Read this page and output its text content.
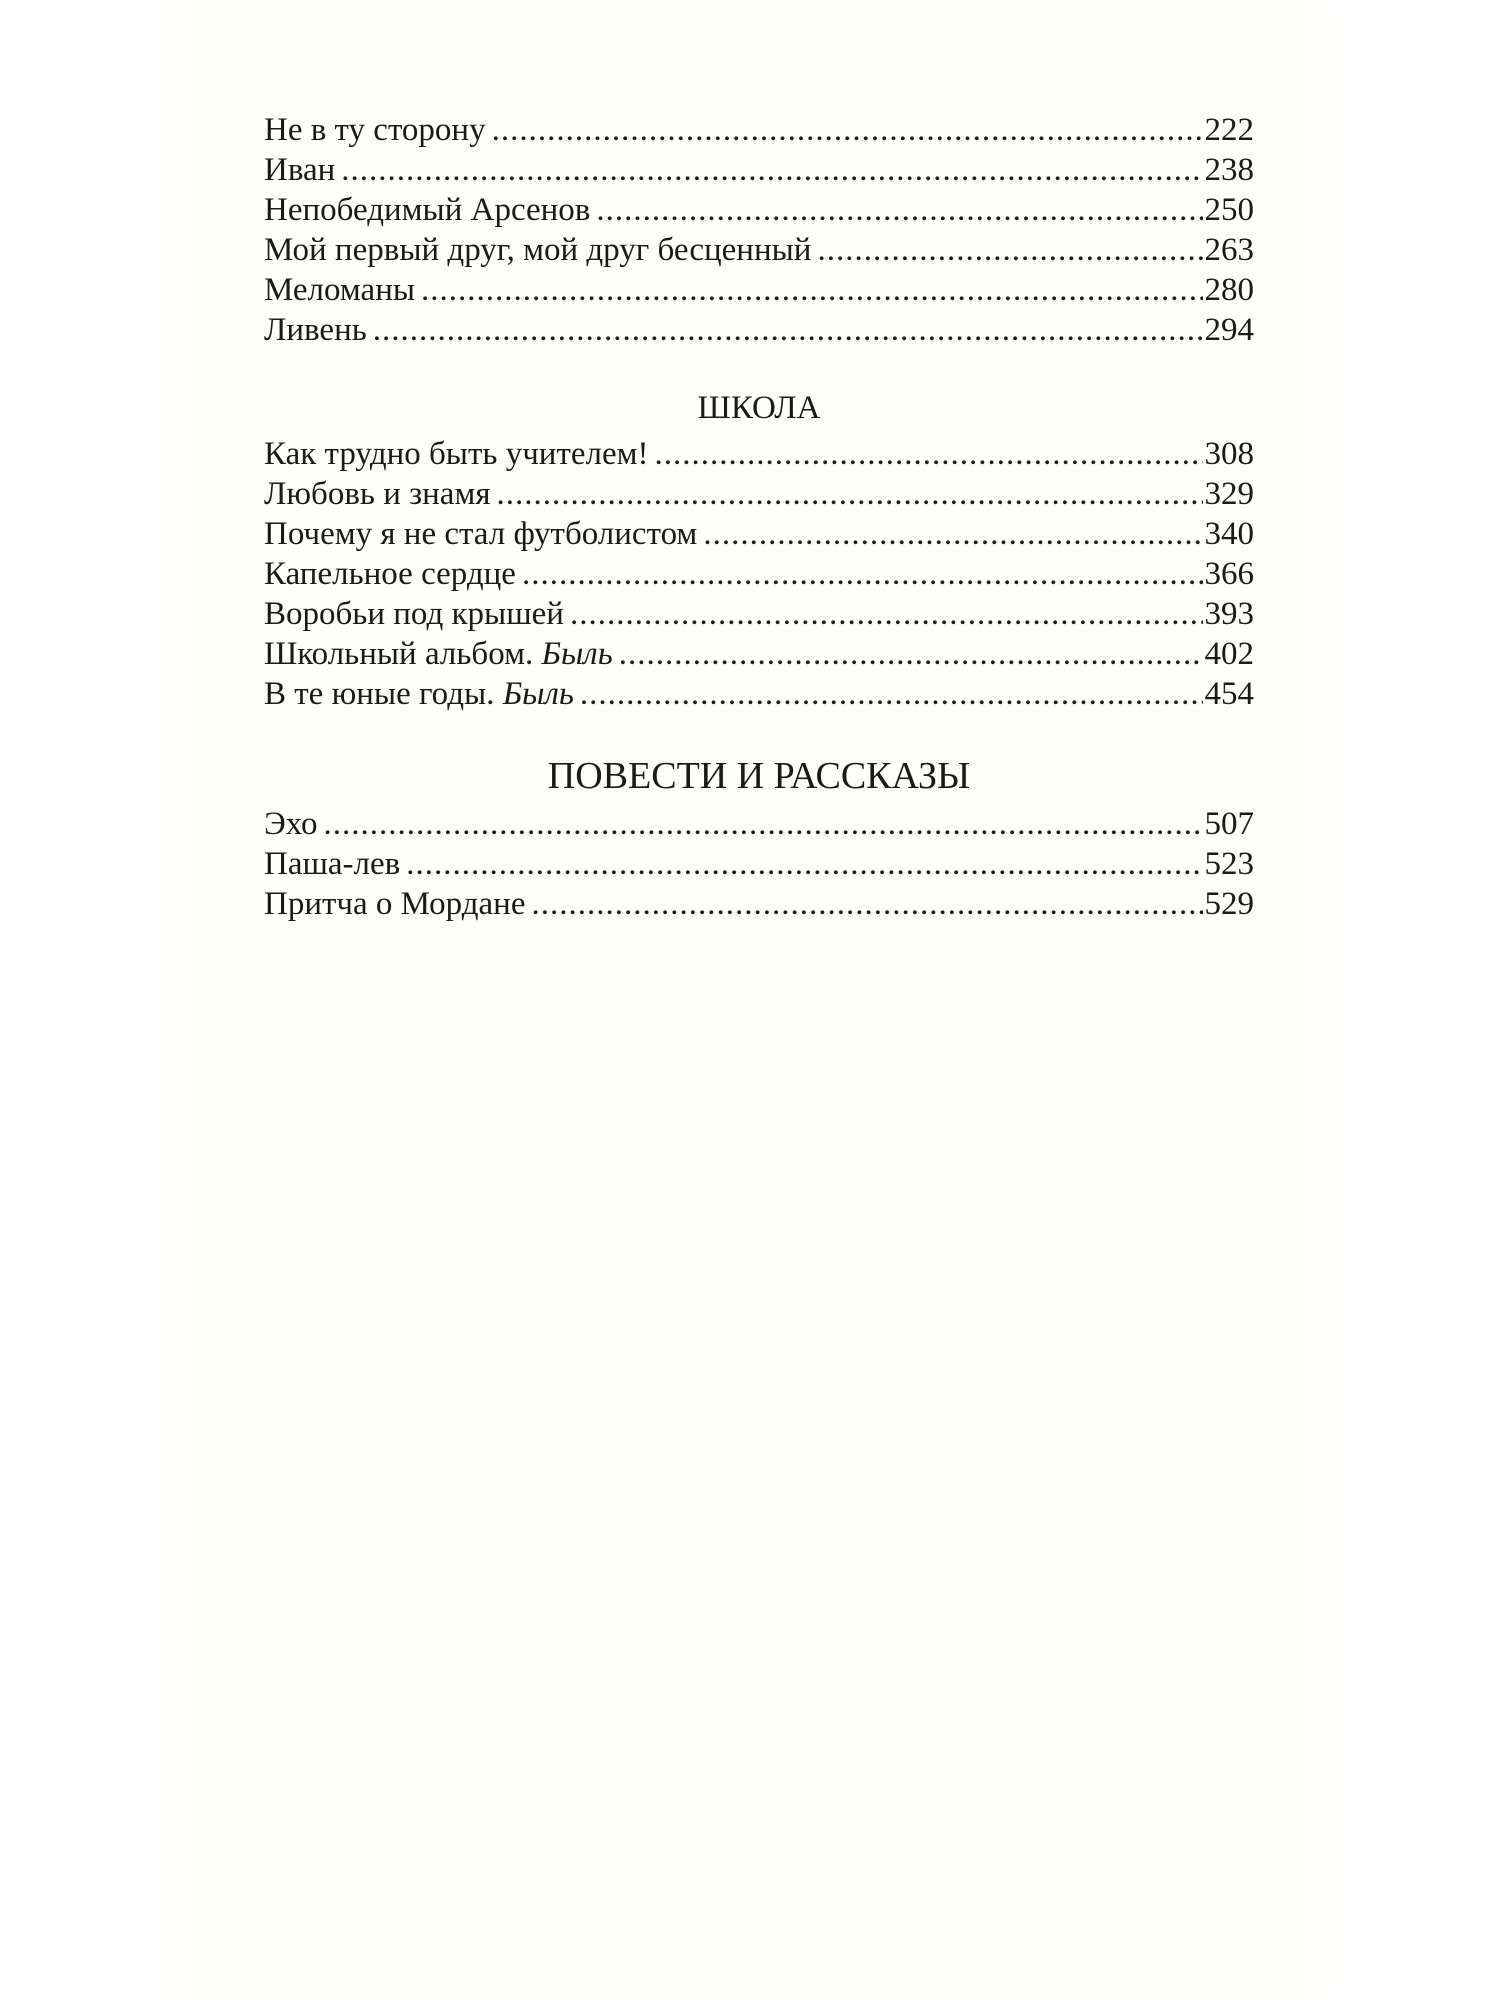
Не в ту сторону .....	222
Иван .....	238
Непобедимый Арсенов .....	250
Мой первый друг, мой друг бесценный .....	263
Меломаны .....	280
Ливень .....	294
ШКОЛА
Как трудно быть учителем! .....	308
Любовь и знамя .....	329
Почему я не стал футболистом .....	340
Капельное сердце .....	366
Воробьи под крышей .....	393
Школьный альбом. Быль .....	402
В те юные годы. Быль .....	454
ПОВЕСТИ И РАССКАЗЫ
Эхо .....	507
Паша-лев .....	523
Притча о Мордане .....	529
